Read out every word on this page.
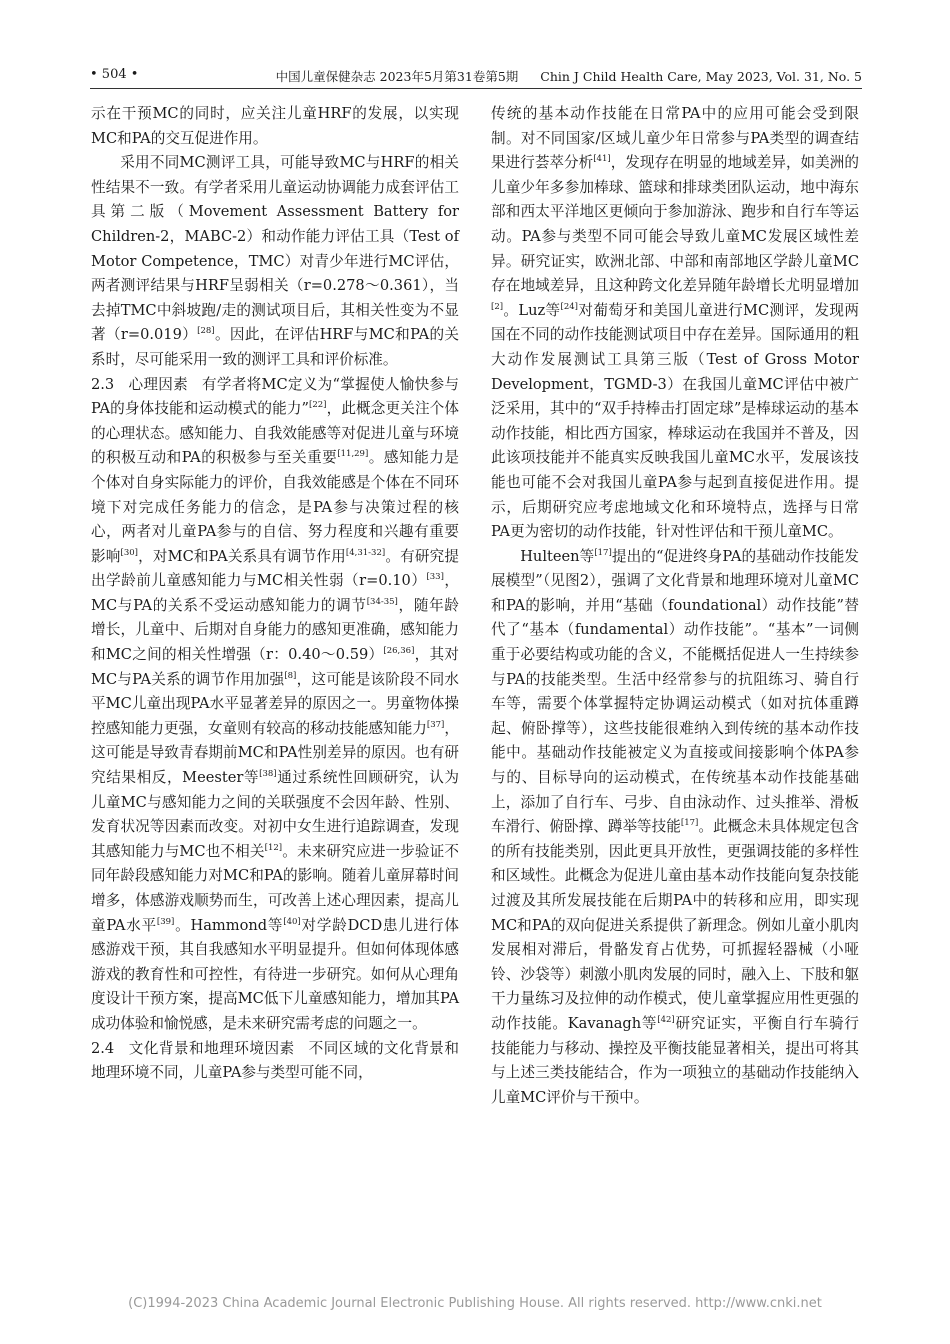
• 504 •	中国儿童保健杂志 2023年5月第31卷第5期 Chin J Child Health Care, May 2023, Vol. 31, No. 5

示在干预MC的同时，应关注儿童HRF的发展，以实现MC和PA的交互促进作用。

采用不同MC测评工具，可能导致MC与HRF的相关性结果不一致。有学者采用儿童运动协调能力成套评估工具第二版（Movement Assessment Battery for Children-2，MABC-2）和动作能力评估工具（Test of Motor Competence，TMC）对青少年进行MC评估，两者测评结果与HRF呈弱相关（r=0.278～0.361），当去掉TMC中斜坡跑/走的测试项目后，其相关性变为不显著（r=0.019）[28]。因此，在评估HRF与MC和PA的关系时，尽可能采用一致的测评工具和评价标准。

2.3 心理因素 有学者将MC定义为“掌握使人愉快参与PA的身体技能和运动模式的能力”[22]，此概念更关注个体的心理状态。感知能力、自我效能感等对促进儿童与环境的积极互动和PA的积极参与至关重要[11,29]。感知能力是个体对自身实际能力的评价，自我效能感是个体在不同环境下对完成任务能力的信念，是PA参与决策过程的核心，两者对儿童PA参与的自信、努力程度和兴趣有重要影响[30]，对MC和PA关系具有调节作用[4,31-32]。有研究提出学龄前儿童感知能力与MC相关性弱（r=0.10）[33]，MC与PA的关系不受运动感知能力的调节[34-35]，随年龄增长，儿童中、后期对自身能力的感知更准确，感知能力和MC之间的相关性增强（r：0.40～0.59）[26,36]，其对MC与PA关系的调节作用加强[8]，这可能是该阶段不同水平MC儿童出现PA水平显著差异的原因之一。男童物体操控感知能力更强，女童则有较高的移动技能感知能力[37]，这可能是导致青春期前MC和PA性别差异的原因。也有研究结果相反，Meester等[38]通过系统性回顾研究，认为儿童MC与感知能力之间的关联强度不会因年龄、性别、发育状况等因素而改变。对初中女生进行追踪调查，发现其感知能力与MC也不相关[12]。未来研究应进一步验证不同年龄段感知能力对MC和PA的影响。随着儿童屏幕时间增多，体感游戏顺势而生，可改善上述心理因素，提高儿童PA水平[39]。Hammond等[40]对学龄DCD患儿进行体感游戏干预，其自我感知水平明显提升。但如何体现体感游戏的教育性和可控性，有待进一步研究。如何从心理角度设计干预方案，提高MC低下儿童感知能力，增加其PA成功体验和愉悦感，是未来研究需考虑的问题之一。

2.4 文化背景和地理环境因素 不同区域的文化背景和地理环境不同，儿童PA参与类型可能不同，

传统的基本动作技能在日常PA中的应用可能会受到限制。对不同国家/区域儿童少年日常参与PA类型的调查结果进行荟萃分析[41]，发现存在明显的地域差异，如美洲的儿童少年多参加棒球、篮球和排球类团队运动，地中海东部和西太平洋地区更倾向于参加游泳、跑步和自行车等运动。PA参与类型不同可能会导致儿童MC发展区域性差异。研究证实，欧洲北部、中部和南部地区学龄儿童MC存在地域差异，且这种跨文化差异随年龄增长尤明显增加[2]。Luz等[24]对葡萄牙和美国儿童进行MC测评，发现两国在不同的动作技能测试项目中存在差异。国际通用的粗大动作发展测试工具第三版（Test of Gross Motor Development，TGMD-3）在我国儿童MC评估中被广泛采用，其中的“双手持棒击打固定球”是棒球运动的基本动作技能，相比西方国家，棒球运动在我国并不普及，因此该项技能并不能真实反映我国儿童MC水平，发展该技能也可能不会对我国儿童PA参与起到直接促进作用。提示，后期研究应考虑地域文化和环境特点，选择与日常PA更为密切的动作技能，针对性评估和干预儿童MC。

Hulteen等[17]提出的“促进终身PA的基础动作技能发展模型”（见图2），强调了文化背景和地理环境对儿童MC和PA的影响，并用“基础（foundational）动作技能”替代了“基本（fundamental）动作技能”。“基本”一词侧重于必要结构或功能的含义，不能概括促进人一生持续参与PA的技能类型。生活中经常参与的抗阻练习、骑自行车等，需要个体掌握特定协调运动模式（如对抗体重蹲起、俯卧撑等），这些技能很难纳入到传统的基本动作技能中。基础动作技能被定义为直接或间接影响个体PA参与的、目标导向的运动模式，在传统基本动作技能基础上，添加了自行车、弓步、自由泳动作、过头推举、滑板车滑行、俯卧撑、蹲举等技能[17]。此概念未具体规定包含的所有技能类别，因此更具开放性，更强调技能的多样性和区域性。此概念为促进儿童由基本动作技能向复杂技能过渡及其所发展技能在后期PA中的转移和应用，即实现MC和PA的双向促进关系提供了新理念。例如儿童小肌肉发展相对滞后，骨骼发育占优势，可抓握轻器械（小哑铃、沙袋等）刺激小肌肉发展的同时，融入上、下肢和躯干力量练习及拉伸的动作模式，使儿童掌握应用性更强的动作技能。Kavanagh等[42]研究证实，平衡自行车骑行技能能力与移动、操控及平衡技能显著相关，提出可将其与上述三类技能结合，作为一项独立的基础动作技能纳入儿童MC评价与干预中。

(C)1994-2023 China Academic Journal Electronic Publishing House. All rights reserved. http://www.cnki.net
